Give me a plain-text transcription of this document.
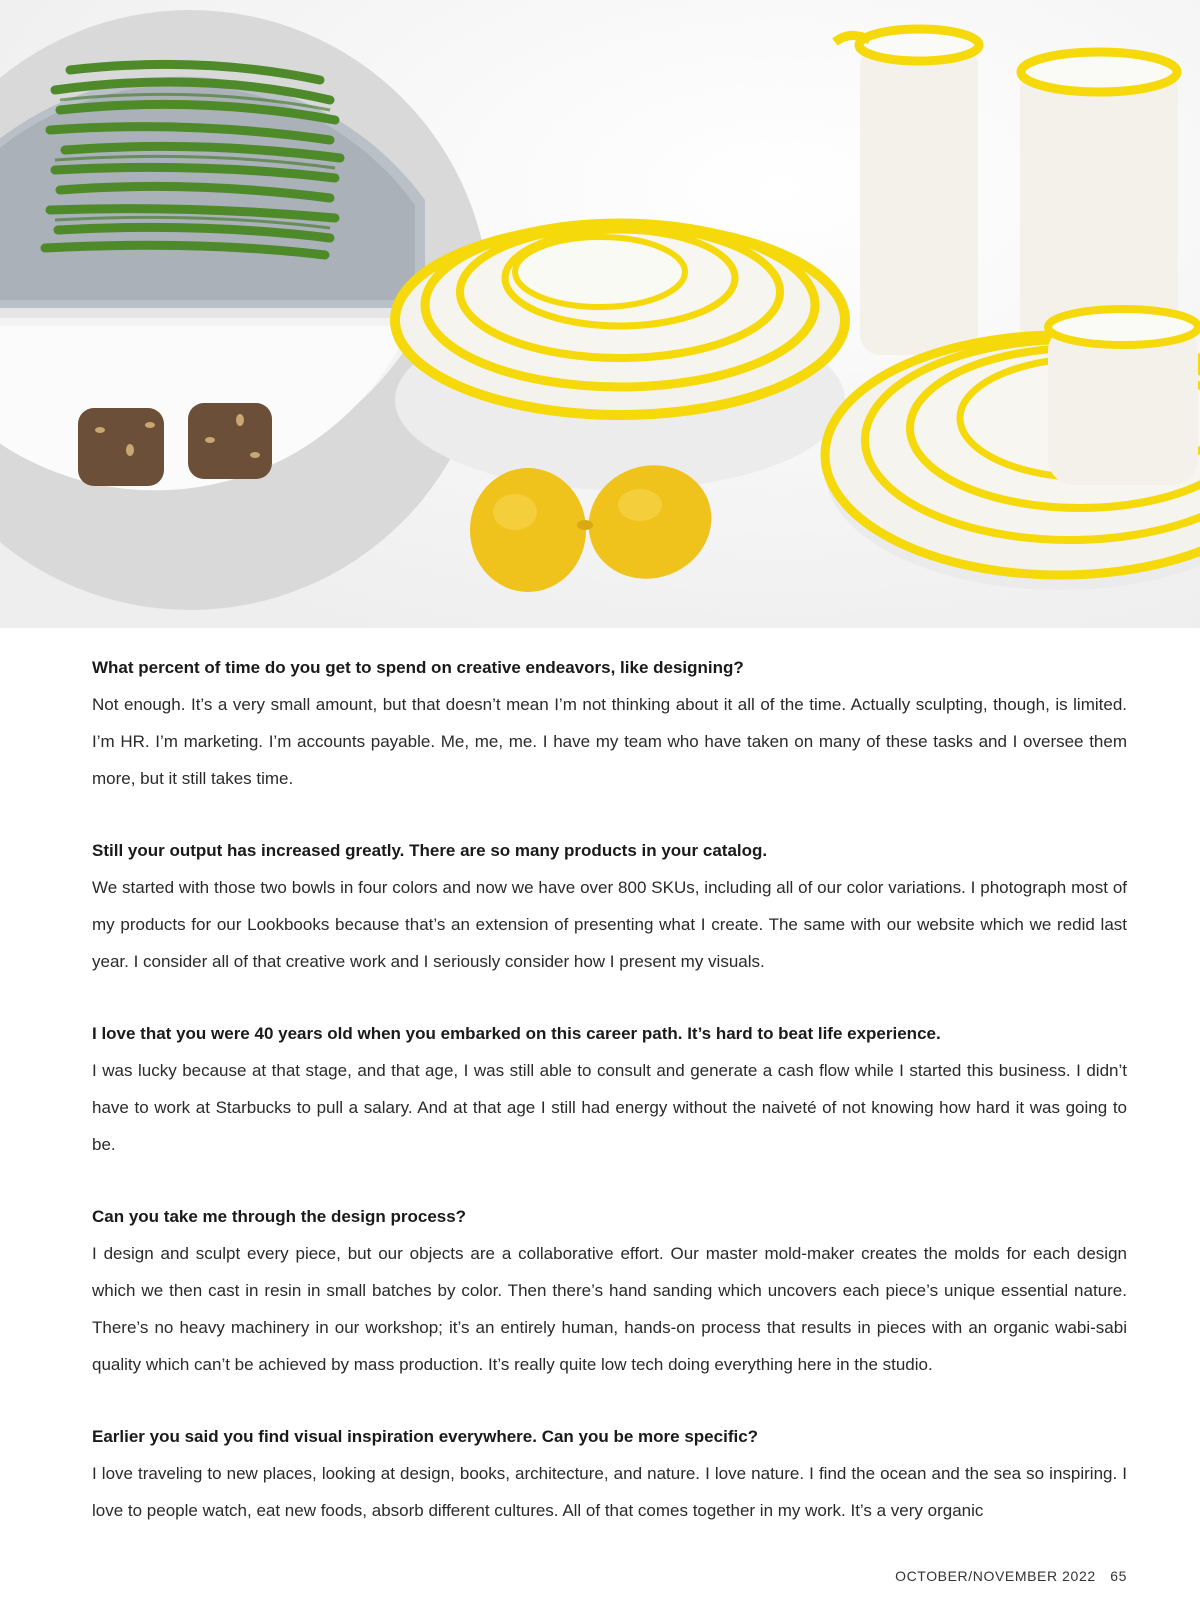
What percent of time do you get to spend on creative endeavors, like designing?

Not enough. It’s a very small amount, but that doesn’t mean I’m not thinking about it all of the time. Actually sculpting, though, is limited. I’m HR. I’m marketing. I’m accounts payable. Me, me, me. I have my team who have taken on many of these tasks and I oversee them more, but it still takes time.

Still your output has increased greatly. There are so many products in your catalog.

We started with those two bowls in four colors and now we have over 800 SKUs, including all of our color variations. I photograph most of my products for our Lookbooks because that’s an extension of presenting what I create. The same with our website which we redid last year. I consider all of that creative work and I seriously consider how I present my visuals.

I love that you were 40 years old when you embarked on this career path. It’s hard to beat life experience.

I was lucky because at that stage, and that age, I was still able to consult and generate a cash flow while I started this business. I didn’t have to work at Starbucks to pull a salary. And at that age I still had energy without the naiveté of not knowing how hard it was going to be.

Can you take me through the design process?

I design and sculpt every piece, but our objects are a collaborative effort. Our master mold-maker creates the molds for each design which we then cast in resin in small batches by color. Then there’s hand sanding which uncovers each piece’s unique essential nature. There’s no heavy machinery in our workshop; it’s an entirely human, hands-on process that results in pieces with an organic wabi-sabi quality which can’t be achieved by mass production. It’s really quite low tech doing everything here in the studio.

Earlier you said you find visual inspiration everywhere. Can you be more specific?

I love traveling to new places, looking at design, books, architecture, and nature. I love nature. I find the ocean and the sea so inspiring. I love to people watch, eat new foods, absorb different cultures. All of that comes together in my work. It’s a very organic

OCTOBER/NOVEMBER 2022 65
